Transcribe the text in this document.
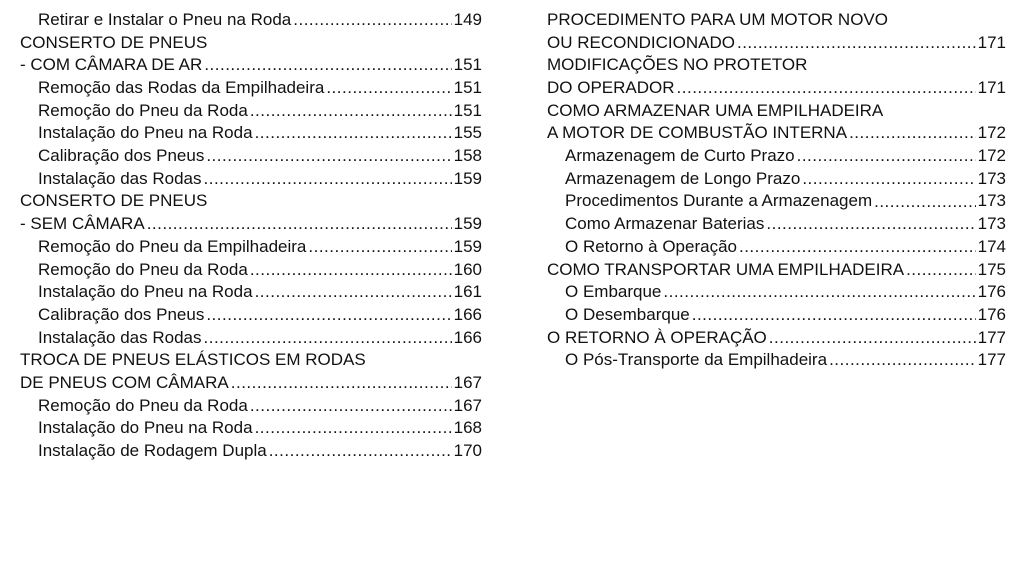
Retirar e Instalar o Pneu na Roda .....	149
CONSERTO DE PNEUS
- COM CÂMARA DE AR .....	151
Remoção das Rodas da Empilhadeira .....	151
Remoção do Pneu da Roda .....	151
Instalação do Pneu na Roda .....	155
Calibração dos Pneus .....	158
Instalação das Rodas .....	159
CONSERTO DE PNEUS
- SEM CÂMARA .....	159
Remoção do Pneu da Empilhadeira .....	159
Remoção do Pneu da Roda .....	160
Instalação do Pneu na Roda .....	161
Calibração dos Pneus .....	166
Instalação das Rodas .....	166
TROCA DE PNEUS ELÁSTICOS EM RODAS
DE PNEUS COM CÂMARA .....	167
Remoção do Pneu da Roda .....	167
Instalação do Pneu na Roda .....	168
Instalação de Rodagem Dupla .....	170
PROCEDIMENTO PARA UM MOTOR NOVO
OU RECONDICIONADO .....	171
MODIFICAÇÕES NO PROTETOR
DO OPERADOR .....	171
COMO ARMAZENAR UMA EMPILHADEIRA
A MOTOR DE COMBUSTÃO INTERNA .....	172
Armazenagem de Curto Prazo .....	172
Armazenagem de Longo Prazo .....	173
Procedimentos Durante a Armazenagem .....	173
Como Armazenar Baterias .....	173
O Retorno à Operação .....	174
COMO TRANSPORTAR UMA EMPILHADEIRA .....	175
O Embarque .....	176
O Desembarque .....	176
O RETORNO À OPERAÇÃO .....	177
O Pós-Transporte da Empilhadeira .....	177
